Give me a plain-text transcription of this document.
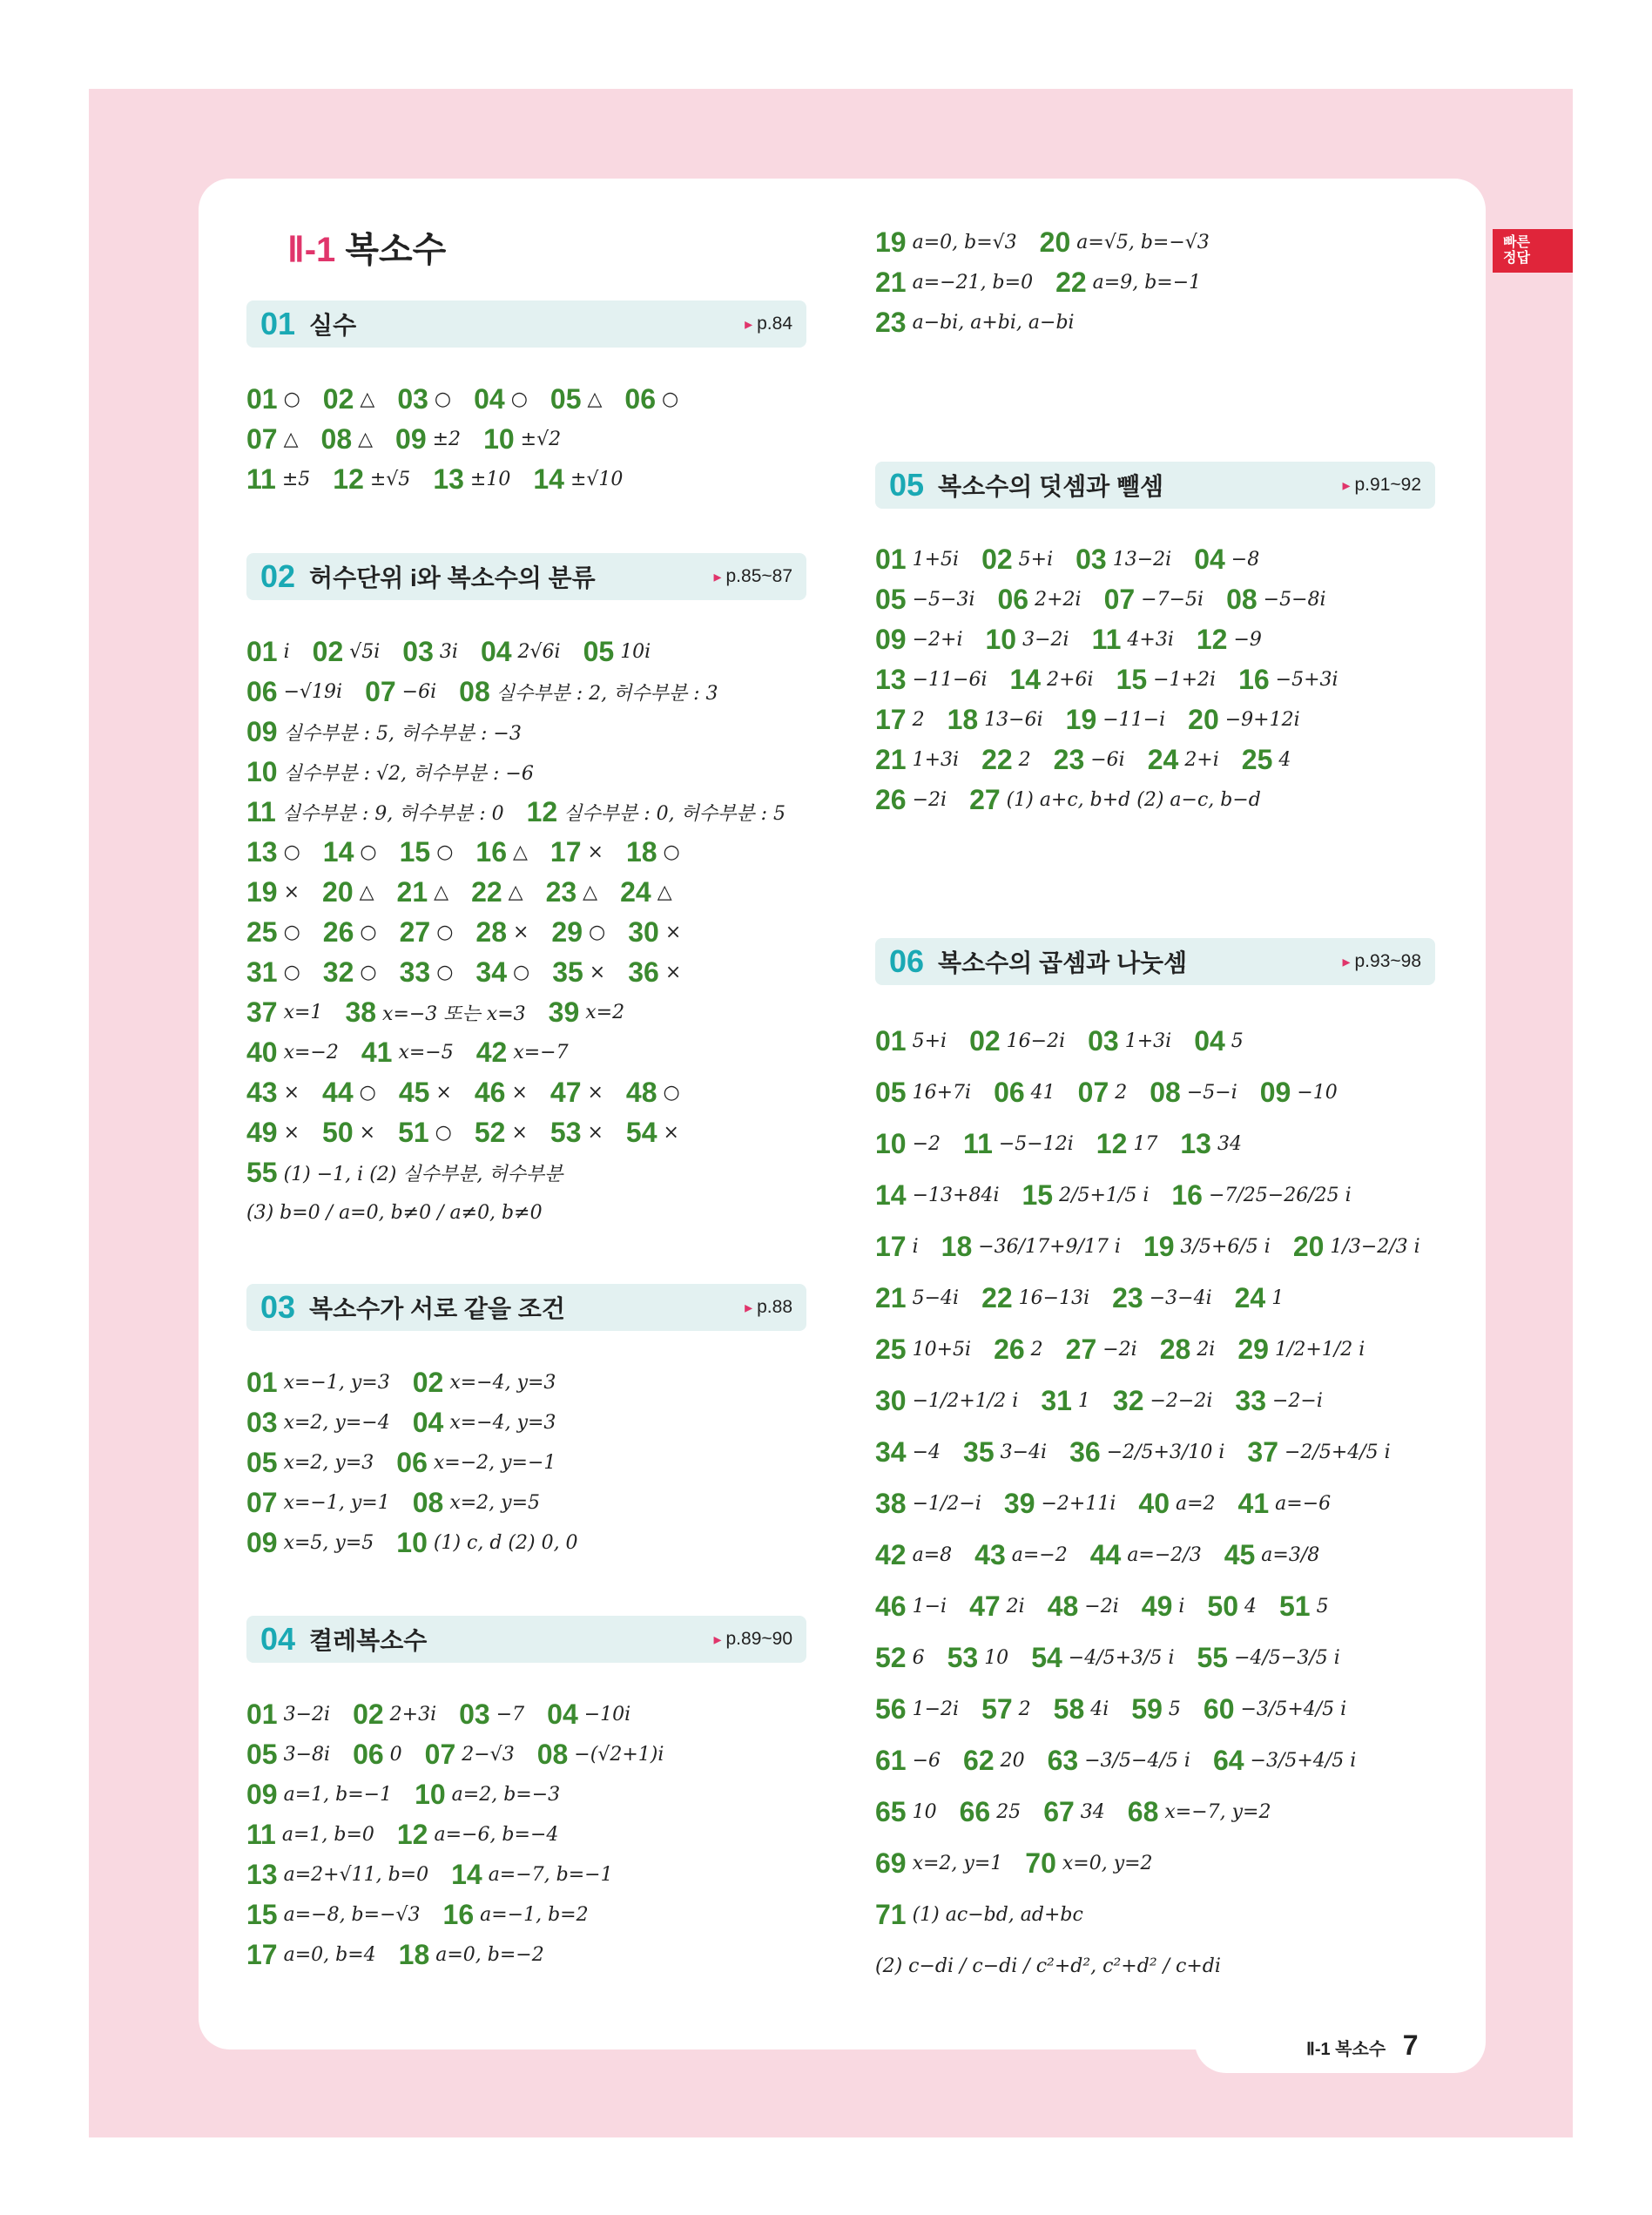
빠른
정답
Ⅱ-1 복소수
01 실수	▸ p.84
02 허수단위 i와 복소수의 분류	▸ p.85~87
03 복소수가 서로 같을 조건	▸ p.88
04 켤레복소수	▸ p.89~90
05 복소수의 덧셈과 뺄셈	▸ p.91~92
06 복소수의 곱셈과 나눗셈	▸ p.93~98
01 ○ 02 △ 03 ○ 04 ○ 05 △ 06 ○
07 △ 08 △ 09 ±2 10 ±√2
11 ±5 12 ±√5 13 ±10 14 ±√10
01 i 02 √5i 03 3i 04 2√6i 05 10i
06 −√19i 07 −6i 08 실수부분 : 2, 허수부분 : 3
09 실수부분 : 5, 허수부분 : −3
10 실수부분 : √2, 허수부분 : −6
11 실수부분 : 9, 허수부분 : 0 12 실수부분 : 0, 허수부분 : 5
13 ○ 14 ○ 15 ○ 16 △ 17 × 18 ○
19 × 20 △ 21 △ 22 △ 23 △ 24 △
25 ○ 26 ○ 27 ○ 28 × 29 ○ 30 ×
31 ○ 32 ○ 33 ○ 34 ○ 35 × 36 ×
37 x=1 38 x=−3 또는 x=3 39 x=2
40 x=−2 41 x=−5 42 x=−7
43 × 44 ○ 45 × 46 × 47 × 48 ○
49 × 50 × 51 ○ 52 × 53 × 54 ×
55 (1) −1, i (2) 실수부분, 허수부분
(3) b=0 / a=0, b≠0 / a≠0, b≠0
01 x=−1, y=3 02 x=−4, y=3
03 x=2, y=−4 04 x=−4, y=3
05 x=2, y=3 06 x=−2, y=−1
07 x=−1, y=1 08 x=2, y=5
09 x=5, y=5 10 (1) c, d (2) 0, 0
01 3−2i 02 2+3i 03 −7 04 −10i
05 3−8i 06 0 07 2−√3 08 −(√2+1)i
09 a=1, b=−1 10 a=2, b=−3
11 a=1, b=0 12 a=−6, b=−4
13 a=2+√11, b=0 14 a=−7, b=−1
15 a=−8, b=−√3 16 a=−1, b=2
17 a=0, b=4 18 a=0, b=−2
19 a=0, b=√3 20 a=√5, b=−√3
21 a=−21, b=0 22 a=9, b=−1
23 a−bi, a+bi, a−bi
01 1+5i 02 5+i 03 13−2i 04 −8
05 −5−3i 06 2+2i 07 −7−5i 08 −5−8i
09 −2+i 10 3−2i 11 4+3i 12 −9
13 −11−6i 14 2+6i 15 −1+2i 16 −5+3i
17 2 18 13−6i 19 −11−i 20 −9+12i
21 1+3i 22 2 23 −6i 24 2+i 25 4
26 −2i 27 (1) a+c, b+d (2) a−c, b−d
01 5+i 02 16−2i 03 1+3i 04 5
05 16+7i 06 41 07 2 08 −5−i 09 −10
10 −2 11 −5−12i 12 17 13 34
14 −13+84i 15 2/5+1/5 i 16 −7/25−26/25 i
17 i 18 −36/17+9/17 i 19 3/5+6/5 i 20 1/3−2/3 i
21 5−4i 22 16−13i 23 −3−4i 24 1
25 10+5i 26 2 27 −2i 28 2i 29 1/2+1/2 i
30 −1/2+1/2 i 31 1 32 −2−2i 33 −2−i
34 −4 35 3−4i 36 −2/5+3/10 i 37 −2/5+4/5 i
38 −1/2−i 39 −2+11i 40 a=2 41 a=−6
42 a=8 43 a=−2 44 a=−2/3 45 a=3/8
46 1−i 47 2i 48 −2i 49 i 50 4 51 5
52 6 53 10 54 −4/5+3/5 i 55 −4/5−3/5 i
56 1−2i 57 2 58 4i 59 5 60 −3/5+4/5 i
61 −6 62 20 63 −3/5−4/5 i 64 −3/5+4/5 i
65 10 66 25 67 34 68 x=−7, y=2
69 x=2, y=1 70 x=0, y=2
71 (1) ac−bd, ad+bc
(2) c−di / c−di / c²+d², c²+d² / c+di
Ⅱ-1 복소수 7
